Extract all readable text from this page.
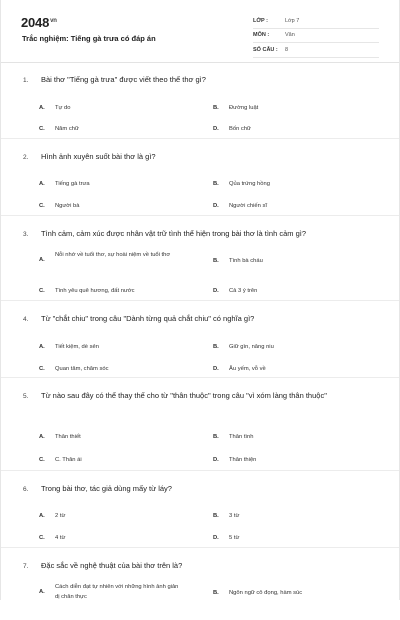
$2048^{vn}$
Trắc nghiệm: Tiếng gà trưa có đáp án
LỚP :	Lớp 7
MÔN :	Văn
SỐ CÂU :	8
1. Bài thơ "Tiếng gà trưa" được viết theo thể thơ gì?
A.	Tự do	B.	Đường luật
C.	Năm chữ	D.	Bốn chữ
2. Hình ảnh xuyên suốt bài thơ là gì?
A.	Tiếng gà trưa	B.	Qủa trứng hồng
C.	Người bà	D.	Người chiến sĩ
3. Tình cảm, cảm xúc được nhân vật trữ tình thể hiện trong bài thơ là tình cảm gì?
A.
Nỗi nhớ về tuổi thơ, sự hoài niệm về tuổi thơ
B.	Tình bà cháu
C.	Tình yêu quê hương, đất nước	D.	Cả 3 ý trên
4. Từ "chắt chiu" trong câu "Dành từng quả chắt chiu" có nghĩa gì?
A.	Tiết kiệm, dè sẻn	B.	Giữ gìn, nâng niu
C.	Quan tâm, chăm sóc	D.	Âu yếm, vỗ về
5. Từ nào sau đây có thể thay thế cho từ "thân thuộc" trong câu "vì xóm làng thân thuộc"
A.	Thân thiết	B.	Thân tình
C.	C. Thân ái	D.	Thân thiện
6. Trong bài thơ, tác giả dùng mấy từ láy?
A.	2 từ	B.	3 từ
C.	4 từ	D.	5 từ
7. Đặc sắc về nghệ thuật của bài thơ trên là?
A.
Cách diễn đạt tự nhiên với những hình ảnh giản dị chân thực
B.	Ngôn ngữ cô đọng, hàm súc
